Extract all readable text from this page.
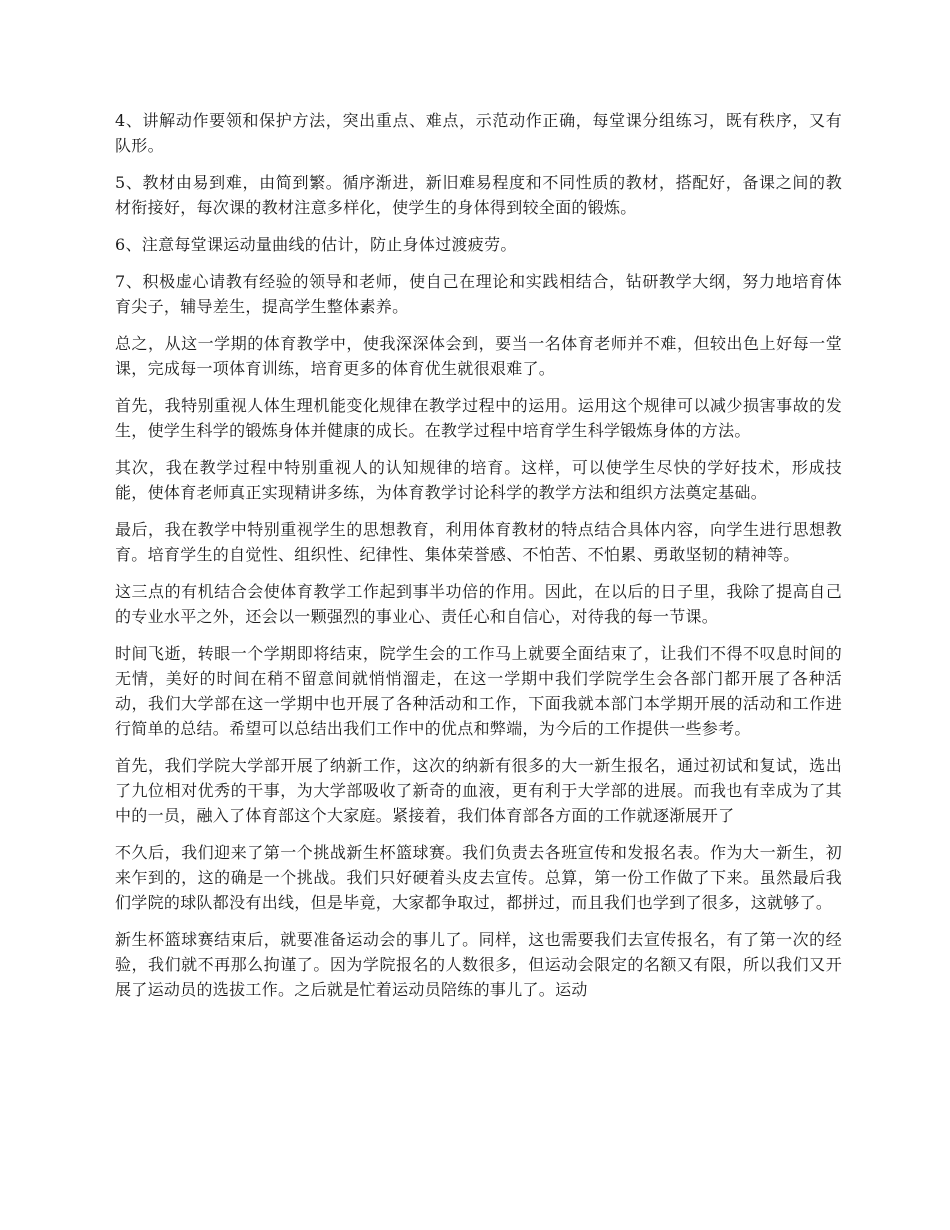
4、讲解动作要领和保护方法，突出重点、难点，示范动作正确，每堂课分组练习，既有秩序，又有队形。

5、教材由易到难，由简到繁。循序渐进，新旧难易程度和不同性质的教材，搭配好，备课之间的教材衔接好，每次课的教材注意多样化，使学生的身体得到较全面的锻炼。

6、注意每堂课运动量曲线的估计，防止身体过渡疲劳。

7、积极虚心请教有经验的领导和老师，使自己在理论和实践相结合，钻研教学大纲，努力地培育体育尖子，辅导差生，提高学生整体素养。

总之，从这一学期的体育教学中，使我深深体会到，要当一名体育老师并不难，但较出色上好每一堂课，完成每一项体育训练，培育更多的体育优生就很艰难了。

首先，我特别重视人体生理机能变化规律在教学过程中的运用。运用这个规律可以减少损害事故的发生，使学生科学的锻炼身体并健康的成长。在教学过程中培育学生科学锻炼身体的方法。

其次，我在教学过程中特别重视人的认知规律的培育。这样，可以使学生尽快的学好技术，形成技能，使体育老师真正实现精讲多练，为体育教学讨论科学的教学方法和组织方法奠定基础。

最后，我在教学中特别重视学生的思想教育，利用体育教材的特点结合具体内容，向学生进行思想教育。培育学生的自觉性、组织性、纪律性、集体荣誉感、不怕苦、不怕累、勇敢坚韧的精神等。

这三点的有机结合会使体育教学工作起到事半功倍的作用。因此，在以后的日子里，我除了提高自己的专业水平之外，还会以一颗强烈的事业心、责任心和自信心，对待我的每一节课。

时间飞逝，转眼一个学期即将结束，院学生会的工作马上就要全面结束了，让我们不得不叹息时间的无情，美好的时间在稍不留意间就悄悄溜走，在这一学期中我们学院学生会各部门都开展了各种活动，我们大学部在这一学期中也开展了各种活动和工作，下面我就本部门本学期开展的活动和工作进行简单的总结。希望可以总结出我们工作中的优点和弊端，为今后的工作提供一些参考。

首先，我们学院大学部开展了纳新工作，这次的纳新有很多的大一新生报名，通过初试和复试，选出了九位相对优秀的干事，为大学部吸收了新奇的血液，更有利于大学部的进展。而我也有幸成为了其中的一员，融入了体育部这个大家庭。紧接着，我们体育部各方面的工作就逐渐展开了

不久后，我们迎来了第一个挑战新生杯篮球赛。我们负责去各班宣传和发报名表。作为大一新生，初来乍到的，这的确是一个挑战。我们只好硬着头皮去宣传。总算，第一份工作做了下来。虽然最后我们学院的球队都没有出线，但是毕竟，大家都争取过，都拼过，而且我们也学到了很多，这就够了。

新生杯篮球赛结束后，就要准备运动会的事儿了。同样，这也需要我们去宣传报名，有了第一次的经验，我们就不再那么拘谨了。因为学院报名的人数很多，但运动会限定的名额又有限，所以我们又开展了运动员的选拔工作。之后就是忙着运动员陪练的事儿了。运动
